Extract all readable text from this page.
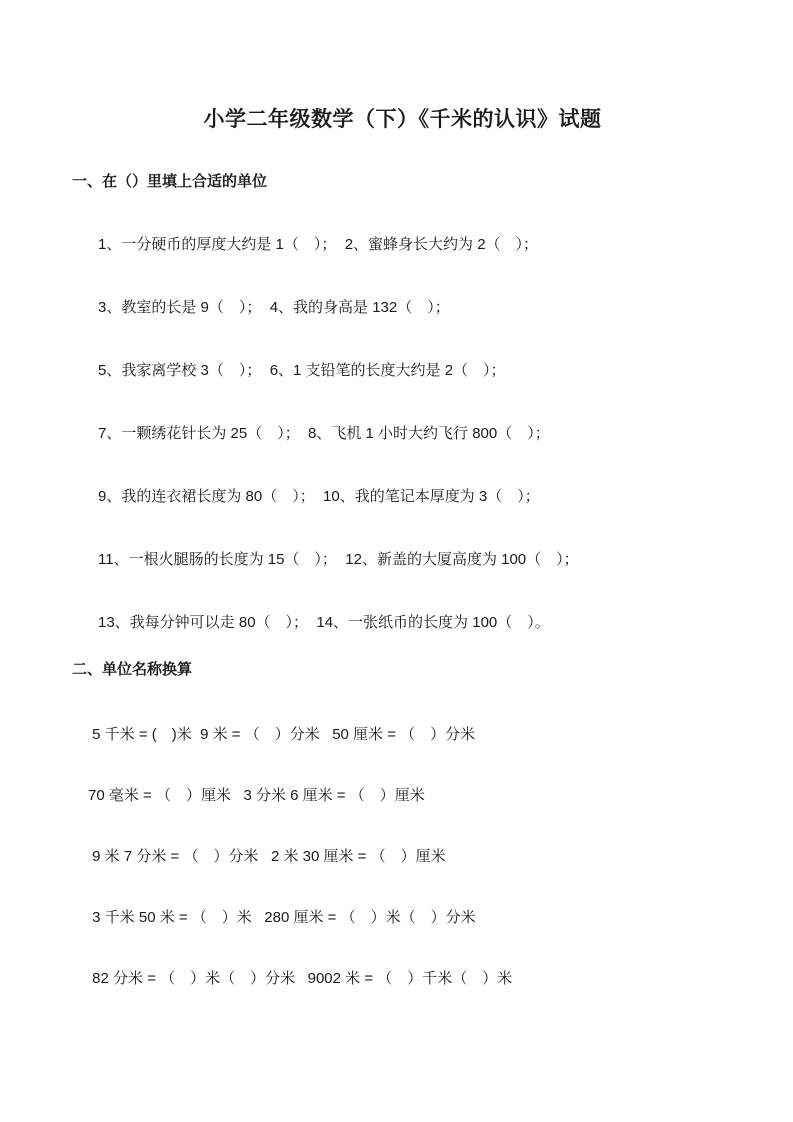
小学二年级数学（下）《千米的认识》试题
一、在（）里填上合适的单位

1、一分硬币的厚度大约是 1（　）；  2、蜜蜂身长大约为 2（　）；

3、教室的长是 9（　）；  4、我的身高是 132（　）；

5、我家离学校 3（　）；  6、1 支铅笔的长度大约是 2（　）；

7、一颗绣花针长为 25（　）；  8、飞机 1 小时大约飞行 800（　）；

9、我的连衣裙长度为 80（　）；  10、我的笔记本厚度为 3（　）；

11、一根火腿肠的长度为 15（　）；  12、新盖的大厦高度为 100（　）；

13、我每分钟可以走 80（　）；  14、一张纸币的长度为 100（　）。

二、单位名称换算

5 千米 = (　)米  9 米 = （　）分米   50 厘米 = （　）分米

70 毫米 = （　）厘米   3 分米 6 厘米 = （　）厘米

9 米 7 分米 = （　）分米   2 米 30 厘米 = （　）厘米

3 千米 50 米 = （　）米   280 厘米 = （　）米（　）分米

82 分米 = （　）米（　）分米   9002 米 = （　）千米（　）米
